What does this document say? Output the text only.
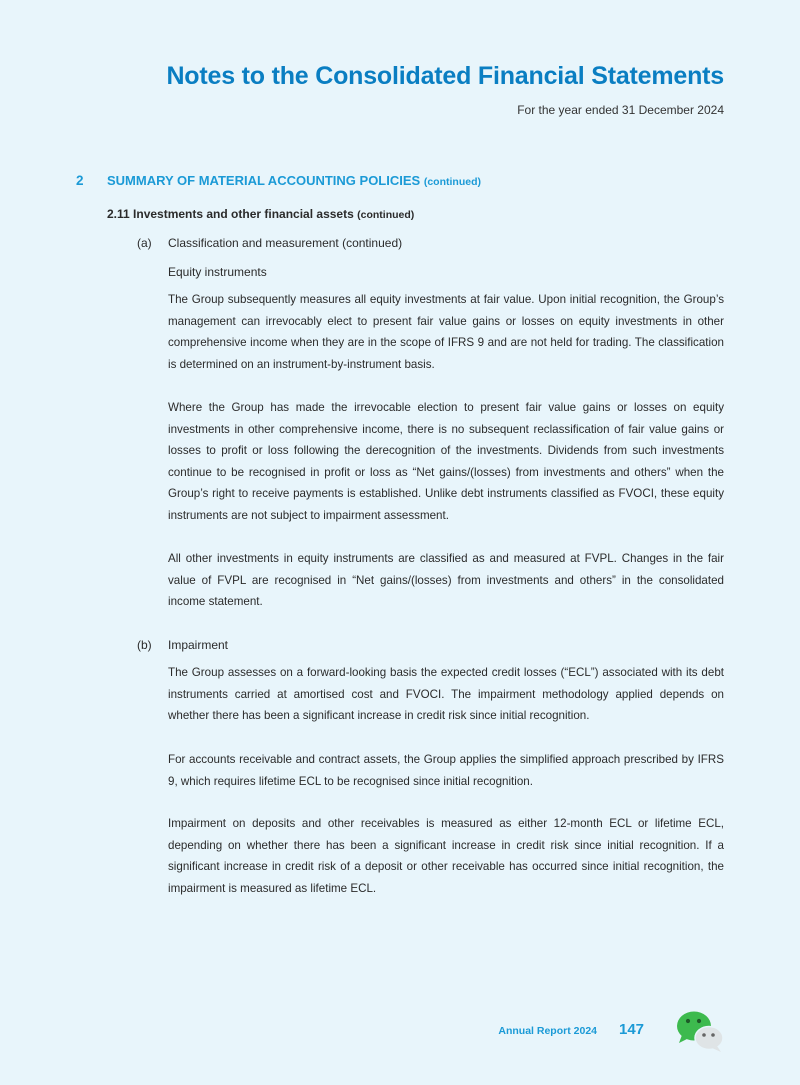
Notes to the Consolidated Financial Statements
For the year ended 31 December 2024
2 SUMMARY OF MATERIAL ACCOUNTING POLICIES (continued)
2.11 Investments and other financial assets (continued)
(a) Classification and measurement (continued)
Equity instruments

The Group subsequently measures all equity investments at fair value. Upon initial recognition, the Group’s management can irrevocably elect to present fair value gains or losses on equity investments in other comprehensive income when they are in the scope of IFRS 9 and are not held for trading. The classification is determined on an instrument-by-instrument basis.

Where the Group has made the irrevocable election to present fair value gains or losses on equity investments in other comprehensive income, there is no subsequent reclassification of fair value gains or losses to profit or loss following the derecognition of the investments. Dividends from such investments continue to be recognised in profit or loss as “Net gains/(losses) from investments and others” when the Group’s right to receive payments is established. Unlike debt instruments classified as FVOCI, these equity instruments are not subject to impairment assessment.

All other investments in equity instruments are classified as and measured at FVPL. Changes in the fair value of FVPL are recognised in “Net gains/(losses) from investments and others” in the consolidated income statement.

(b) Impairment

The Group assesses on a forward-looking basis the expected credit losses (“ECL”) associated with its debt instruments carried at amortised cost and FVOCI. The impairment methodology applied depends on whether there has been a significant increase in credit risk since initial recognition.

For accounts receivable and contract assets, the Group applies the simplified approach prescribed by IFRS 9, which requires lifetime ECL to be recognised since initial recognition.

Impairment on deposits and other receivables is measured as either 12-month ECL or lifetime ECL, depending on whether there has been a significant increase in credit risk since initial recognition. If a significant increase in credit risk of a deposit or other receivable has occurred since initial recognition, the impairment is measured as lifetime ECL.

Annual Report 2024 147
